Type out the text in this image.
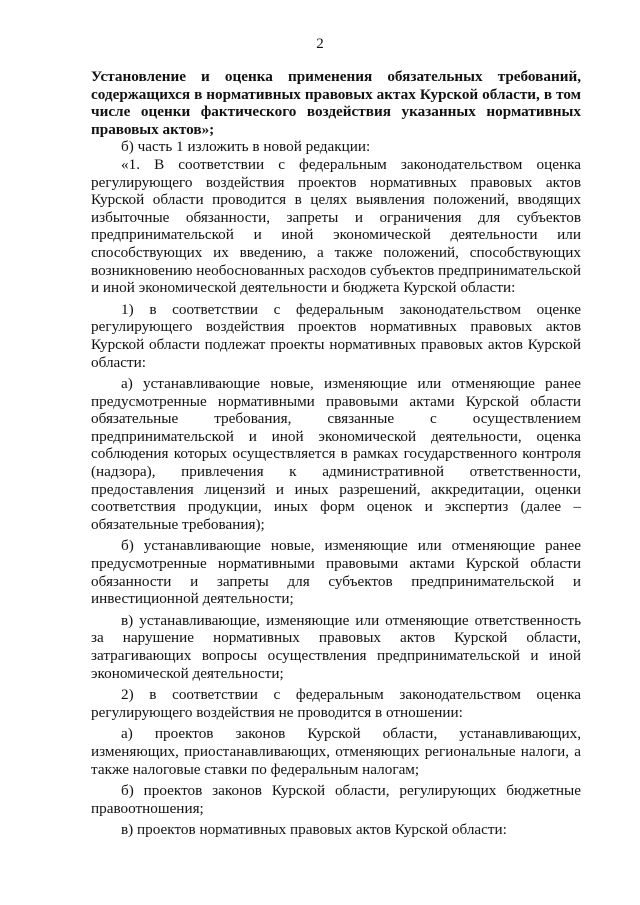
2

Установление и оценка применения обязательных требований, содержащихся в нормативных правовых актах Курской области, в том числе оценки фактического воздействия указанных нормативных правовых актов»;

б) часть 1 изложить в новой редакции:

«1. В соответствии с федеральным законодательством оценка регулирующего воздействия проектов нормативных правовых актов Курской области проводится в целях выявления положений, вводящих избыточные обязанности, запреты и ограничения для субъектов предпринимательской и иной экономической деятельности или способствующих их введению, а также положений, способствующих возникновению необоснованных расходов субъектов предпринимательской и иной экономической деятельности и бюджета Курской области:

1) в соответствии с федеральным законодательством оценке регулирующего воздействия проектов нормативных правовых актов Курской области подлежат проекты нормативных правовых актов Курской области:

а) устанавливающие новые, изменяющие или отменяющие ранее предусмотренные нормативными правовыми актами Курской области обязательные требования, связанные с осуществлением предпринимательской и иной экономической деятельности, оценка соблюдения которых осуществляется в рамках государственного контроля (надзора), привлечения к административной ответственности, предоставления лицензий и иных разрешений, аккредитации, оценки соответствия продукции, иных форм оценок и экспертиз (далее – обязательные требования);

б) устанавливающие новые, изменяющие или отменяющие ранее предусмотренные нормативными правовыми актами Курской области обязанности и запреты для субъектов предпринимательской и инвестиционной деятельности;

в) устанавливающие, изменяющие или отменяющие ответственность за нарушение нормативных правовых актов Курской области, затрагивающих вопросы осуществления предпринимательской и иной экономической деятельности;

2) в соответствии с федеральным законодательством оценка регулирующего воздействия не проводится в отношении:

а) проектов законов Курской области, устанавливающих, изменяющих, приостанавливающих, отменяющих региональные налоги, а также налоговые ставки по федеральным налогам;

б) проектов законов Курской области, регулирующих бюджетные правоотношения;

в) проектов нормативных правовых актов Курской области:
